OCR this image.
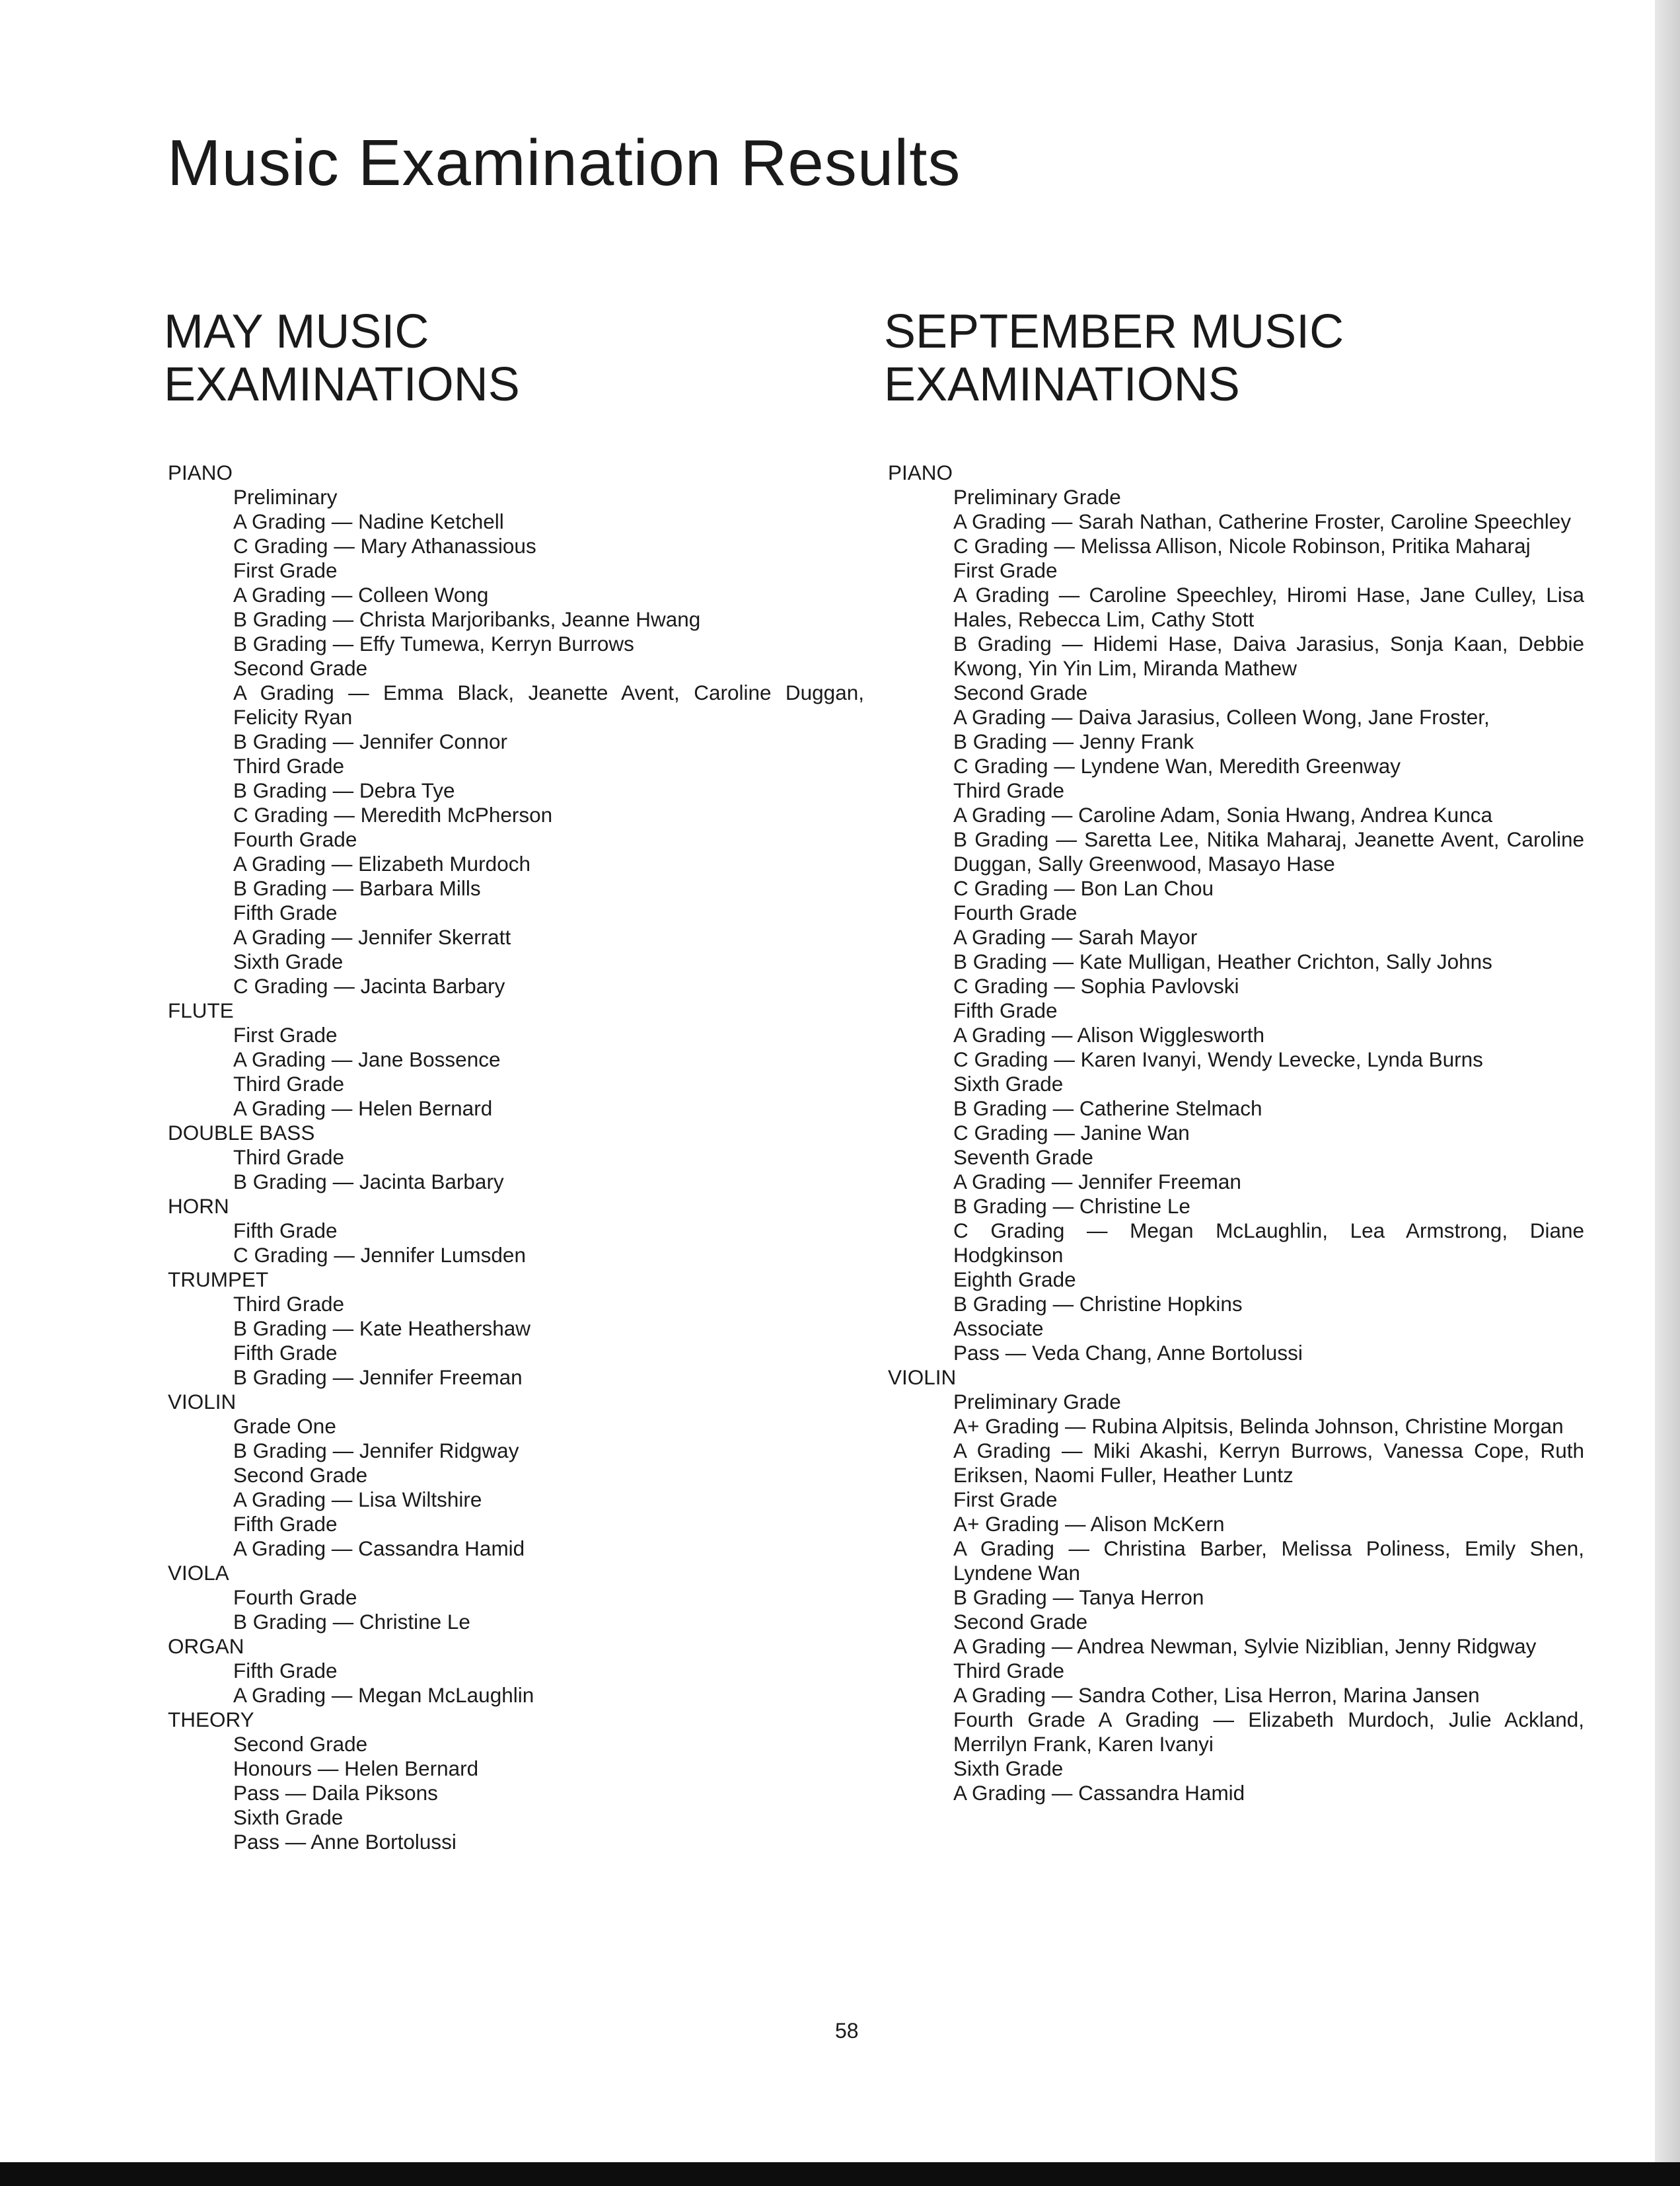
Music Examination Results
MAY MUSIC
EXAMINATIONS
PIANO
Preliminary
A Grading — Nadine Ketchell
C Grading — Mary Athanassious
First Grade
A Grading — Colleen Wong
B Grading — Christa Marjoribanks, Jeanne Hwang
B Grading — Effy Tumewa, Kerryn Burrows
Second Grade
A Grading — Emma Black, Jeanette Avent, Caroline Duggan, Felicity Ryan
B Grading — Jennifer Connor
Third Grade
B Grading — Debra Tye
C Grading — Meredith McPherson
Fourth Grade
A Grading — Elizabeth Murdoch
B Grading — Barbara Mills
Fifth Grade
A Grading — Jennifer Skerratt
Sixth Grade
C Grading — Jacinta Barbary
FLUTE
First Grade
A Grading — Jane Bossence
Third Grade
A Grading — Helen Bernard
DOUBLE BASS
Third Grade
B Grading — Jacinta Barbary
HORN
Fifth Grade
C Grading — Jennifer Lumsden
TRUMPET
Third Grade
B Grading — Kate Heathershaw
Fifth Grade
B Grading — Jennifer Freeman
VIOLIN
Grade One
B Grading — Jennifer Ridgway
Second Grade
A Grading — Lisa Wiltshire
Fifth Grade
A Grading — Cassandra Hamid
VIOLA
Fourth Grade
B Grading — Christine Le
ORGAN
Fifth Grade
A Grading — Megan McLaughlin
THEORY
Second Grade
Honours — Helen Bernard
Pass — Daila Piksons
Sixth Grade
Pass — Anne Bortolussi
SEPTEMBER MUSIC
EXAMINATIONS
PIANO
Preliminary Grade
A Grading — Sarah Nathan, Catherine Froster, Caroline Speechley
C Grading — Melissa Allison, Nicole Robinson, Pritika Maharaj
First Grade
A Grading — Caroline Speechley, Hiromi Hase, Jane Culley, Lisa Hales, Rebecca Lim, Cathy Stott
B Grading — Hidemi Hase, Daiva Jarasius, Sonja Kaan, Debbie Kwong, Yin Yin Lim, Miranda Mathew
Second Grade
A Grading — Daiva Jarasius, Colleen Wong, Jane Froster,
B Grading — Jenny Frank
C Grading — Lyndene Wan, Meredith Greenway
Third Grade
A Grading — Caroline Adam, Sonia Hwang, Andrea Kunca
B Grading — Saretta Lee, Nitika Maharaj, Jeanette Avent, Caroline Duggan, Sally Greenwood, Masayo Hase
C Grading — Bon Lan Chou
Fourth Grade
A Grading — Sarah Mayor
B Grading — Kate Mulligan, Heather Crichton, Sally Johns
C Grading — Sophia Pavlovski
Fifth Grade
A Grading — Alison Wigglesworth
C Grading — Karen Ivanyi, Wendy Levecke, Lynda Burns
Sixth Grade
B Grading — Catherine Stelmach
C Grading — Janine Wan
Seventh Grade
A Grading — Jennifer Freeman
B Grading — Christine Le
C Grading — Megan McLaughlin, Lea Armstrong, Diane Hodgkinson
Eighth Grade
B Grading — Christine Hopkins
Associate
Pass — Veda Chang, Anne Bortolussi
VIOLIN
Preliminary Grade
A+ Grading — Rubina Alpitsis, Belinda Johnson, Christine Morgan
A Grading — Miki Akashi, Kerryn Burrows, Vanessa Cope, Ruth Eriksen, Naomi Fuller, Heather Luntz
First Grade
A+ Grading — Alison McKern
A Grading — Christina Barber, Melissa Poliness, Emily Shen, Lyndene Wan
B Grading — Tanya Herron
Second Grade
A Grading — Andrea Newman, Sylvie Niziblian, Jenny Ridgway
Third Grade
A Grading — Sandra Cother, Lisa Herron, Marina Jansen
Fourth Grade A Grading — Elizabeth Murdoch, Julie Ackland, Merrilyn Frank, Karen Ivanyi
Sixth Grade
A Grading — Cassandra Hamid
58
